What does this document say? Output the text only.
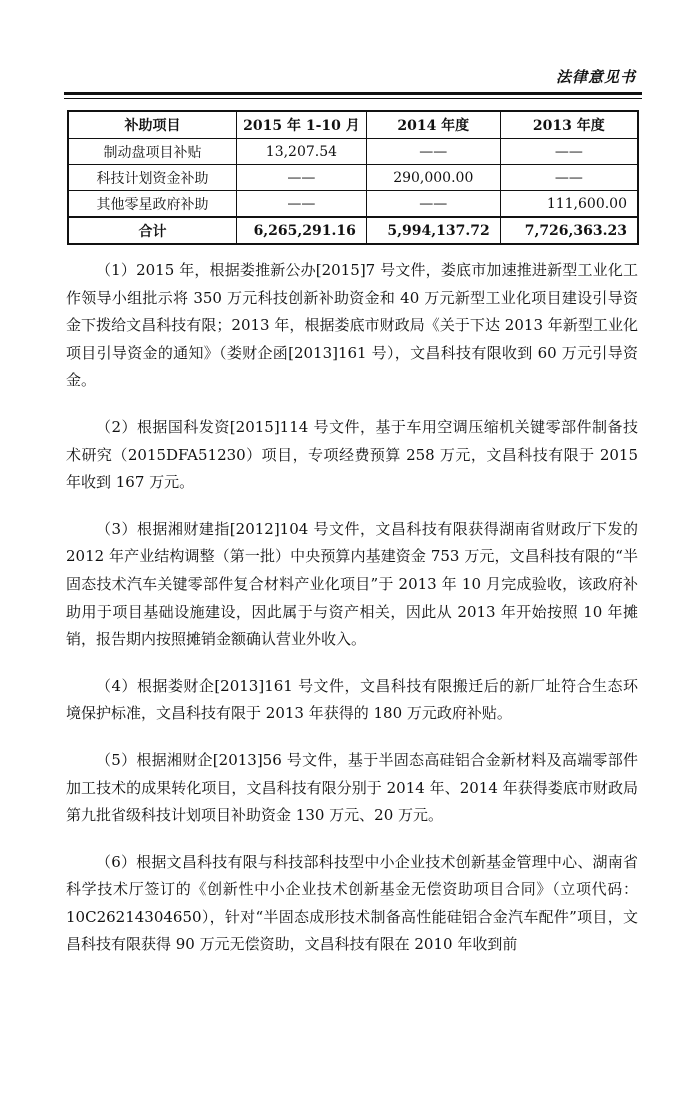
法律意见书
补助项目	2015 年 1-10 月	2014 年度	2013 年度
制动盘项目补贴	13,207.54	——	——
科技计划资金补助	——	290,000.00	——
其他零星政府补助	——	——	111,600.00
合计	6,265,291.16	5,994,137.72	7,726,363.23

（1）2015 年，根据娄推新公办[2015]7 号文件，娄底市加速推进新型工业化工作领导小组批示将 350 万元科技创新补助资金和 40 万元新型工业化项目建设引导资金下拨给文昌科技有限；2013 年，根据娄底市财政局《关于下达 2013 年新型工业化项目引导资金的通知》（娄财企函[2013]161 号），文昌科技有限收到 60 万元引导资金。

（2）根据国科发资[2015]114 号文件，基于车用空调压缩机关键零部件制备技术研究（2015DFA51230）项目，专项经费预算 258 万元，文昌科技有限于 2015 年收到 167 万元。

（3）根据湘财建指[2012]104 号文件，文昌科技有限获得湖南省财政厅下发的 2012 年产业结构调整（第一批）中央预算内基建资金 753 万元，文昌科技有限的“半固态技术汽车关键零部件复合材料产业化项目”于 2013 年 10 月完成验收，该政府补助用于项目基础设施建设，因此属于与资产相关，因此从 2013 年开始按照 10 年摊销，报告期内按照摊销金额确认营业外收入。

（4）根据娄财企[2013]161 号文件，文昌科技有限搬迁后的新厂址符合生态环境保护标准，文昌科技有限于 2013 年获得的 180 万元政府补贴。

（5）根据湘财企[2013]56 号文件，基于半固态高硅铝合金新材料及高端零部件加工技术的成果转化项目，文昌科技有限分别于 2014 年、2014 年获得娄底市财政局第九批省级科技计划项目补助资金 130 万元、20 万元。

（6）根据文昌科技有限与科技部科技型中小企业技术创新基金管理中心、湖南省科学技术厅签订的《创新性中小企业技术创新基金无偿资助项目合同》（立项代码：10C26214304650），针对“半固态成形技术制备高性能硅铝合金汽车配件”项目，文昌科技有限获得 90 万元无偿资助，文昌科技有限在 2010 年收到前
